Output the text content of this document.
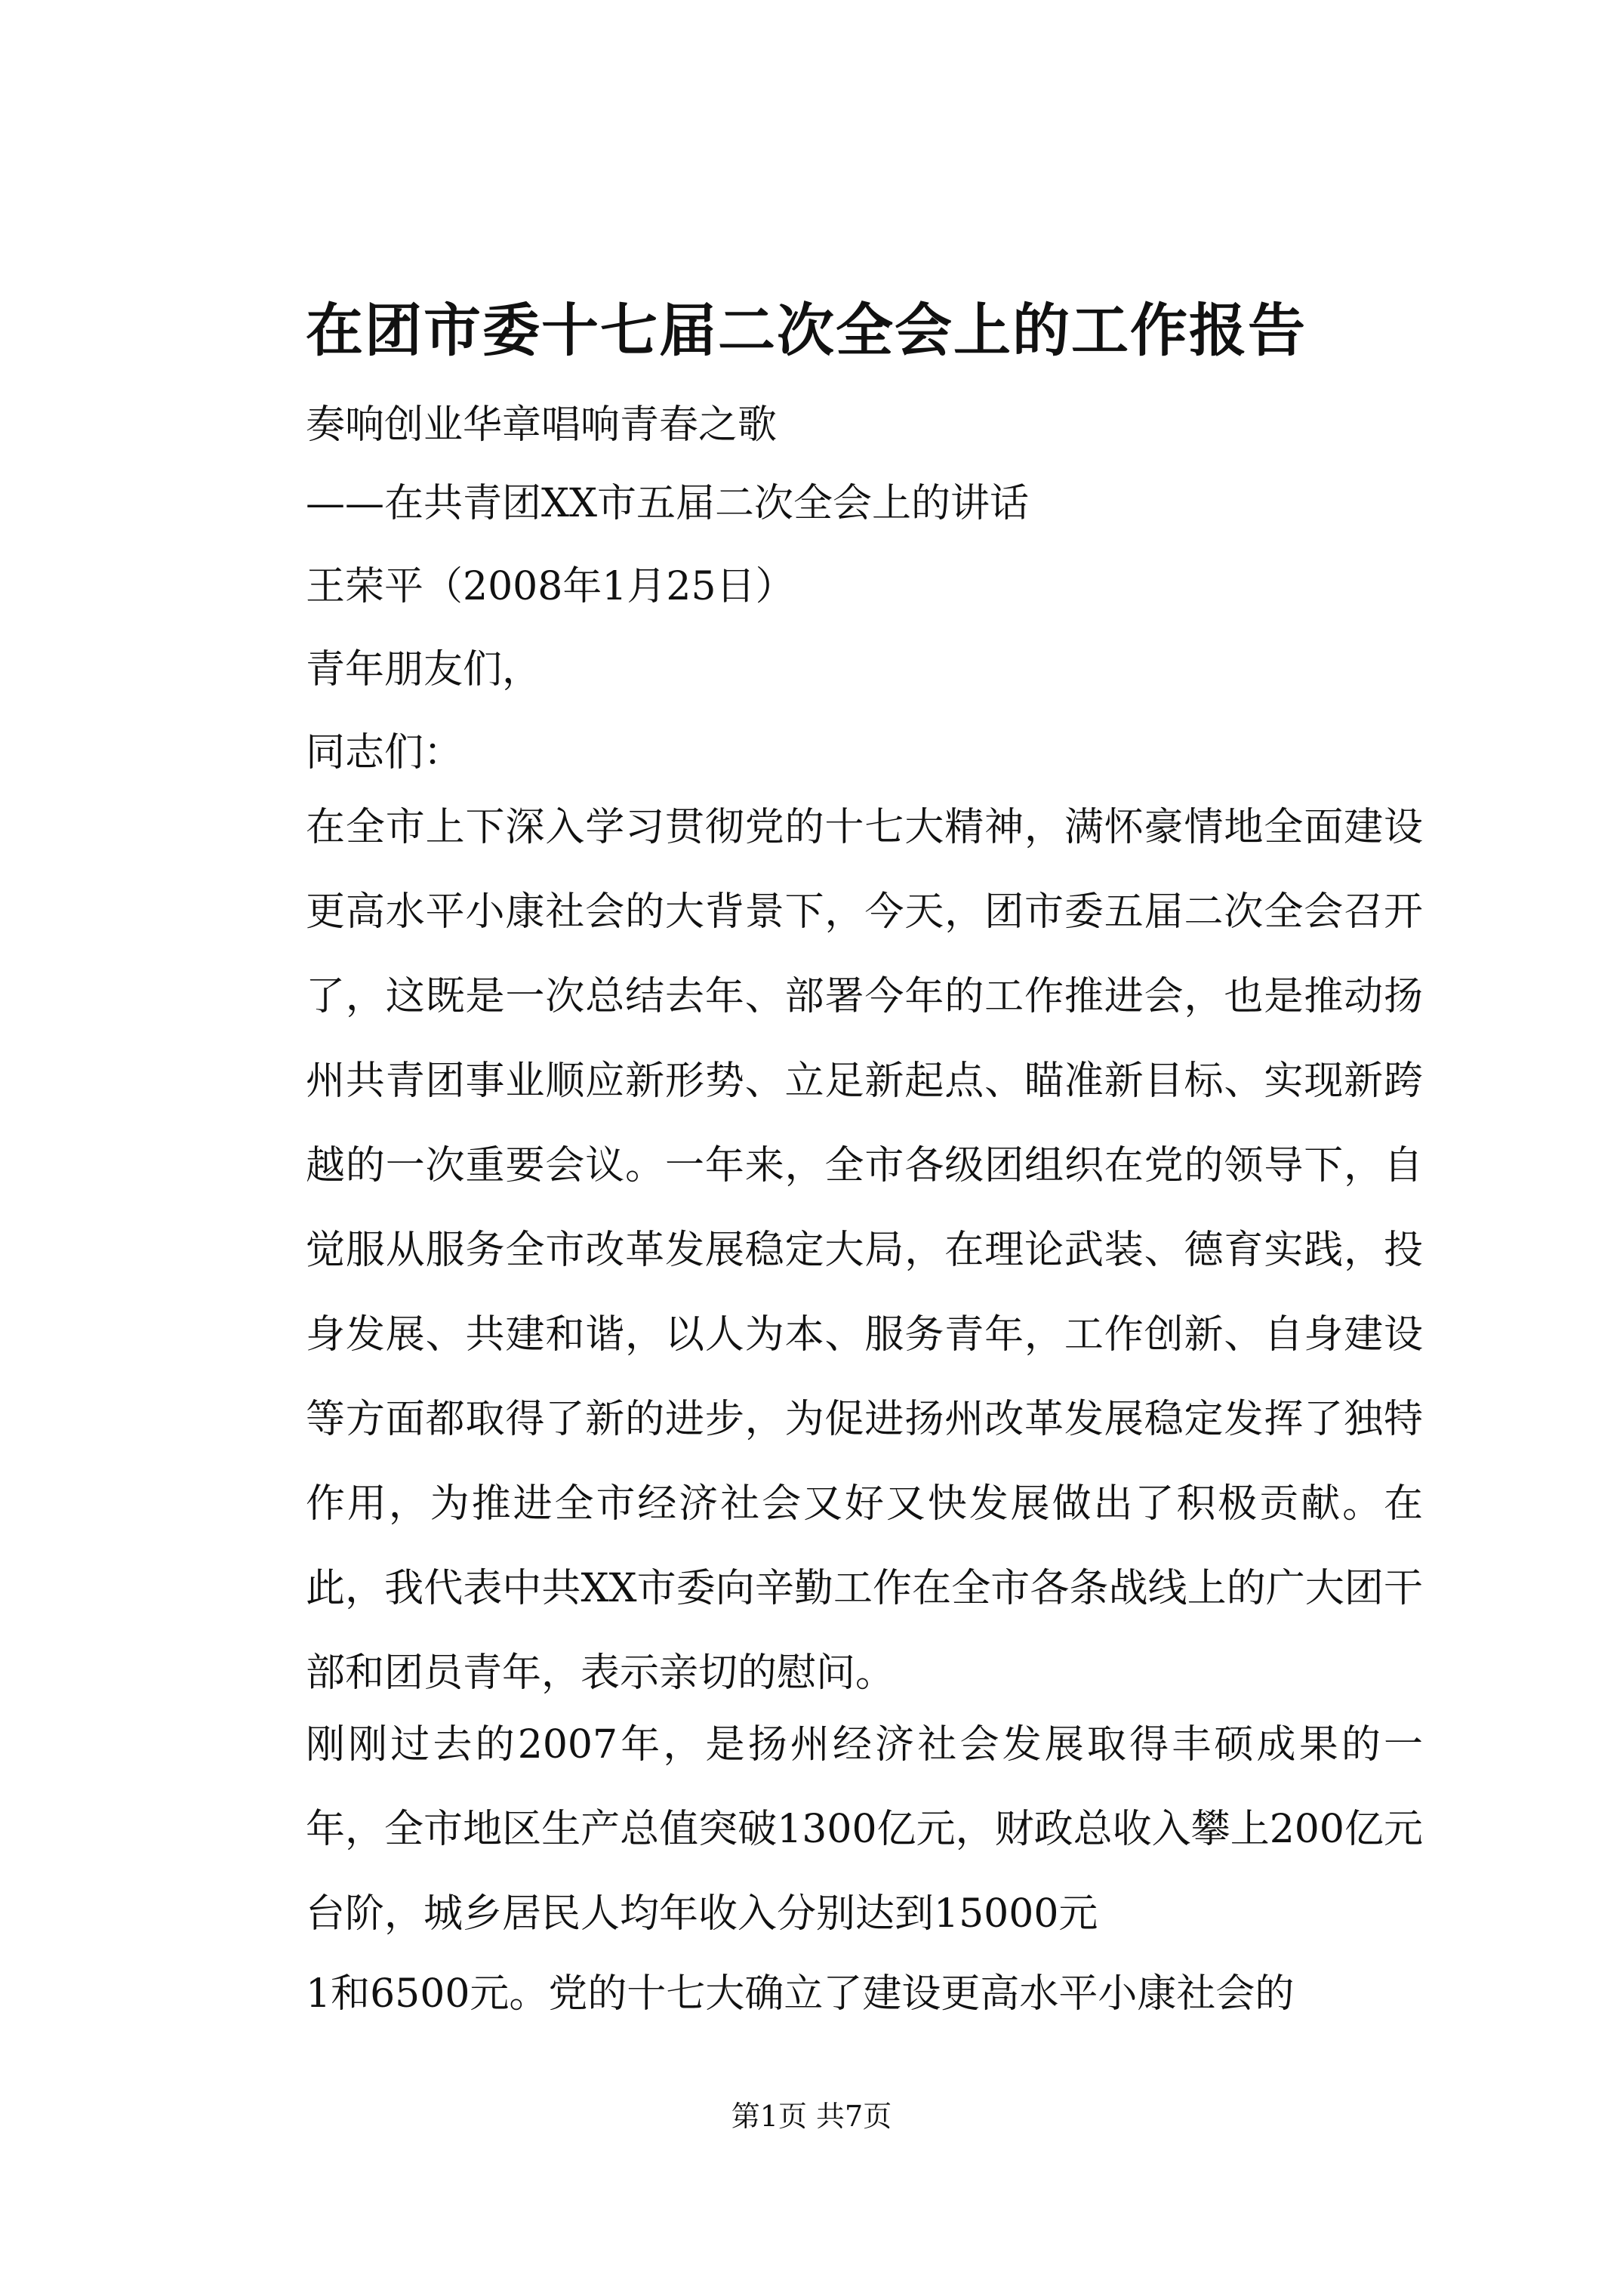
在团市委十七届二次全会上的工作报告
奏响创业华章唱响青春之歌
——在共青团XX市五届二次全会上的讲话
王荣平（2008年1月25日）
青年朋友们，
同志们：

在全市上下深入学习贯彻党的十七大精神，满怀豪情地全面建设更高水平小康社会的大背景下，今天，团市委五届二次全会召开了，这既是一次总结去年、部署今年的工作推进会，也是推动扬州共青团事业顺应新形势、立足新起点、瞄准新目标、实现新跨越的一次重要会议。一年来，全市各级团组织在党的领导下，自觉服从服务全市改革发展稳定大局，在理论武装、德育实践，投身发展、共建和谐，以人为本、服务青年，工作创新、自身建设等方面都取得了新的进步，为促进扬州改革发展稳定发挥了独特作用，为推进全市经济社会又好又快发展做出了积极贡献。在此，我代表中共XX市委向辛勤工作在全市各条战线上的广大团干部和团员青年，表示亲切的慰问。

刚刚过去的2007年，是扬州经济社会发展取得丰硕成果的一年，全市地区生产总值突破1300亿元，财政总收入攀上200亿元台阶，城乡居民人均年收入分别达到15000元

1和6500元。党的十七大确立了建设更高水平小康社会的

第1页 共7页
